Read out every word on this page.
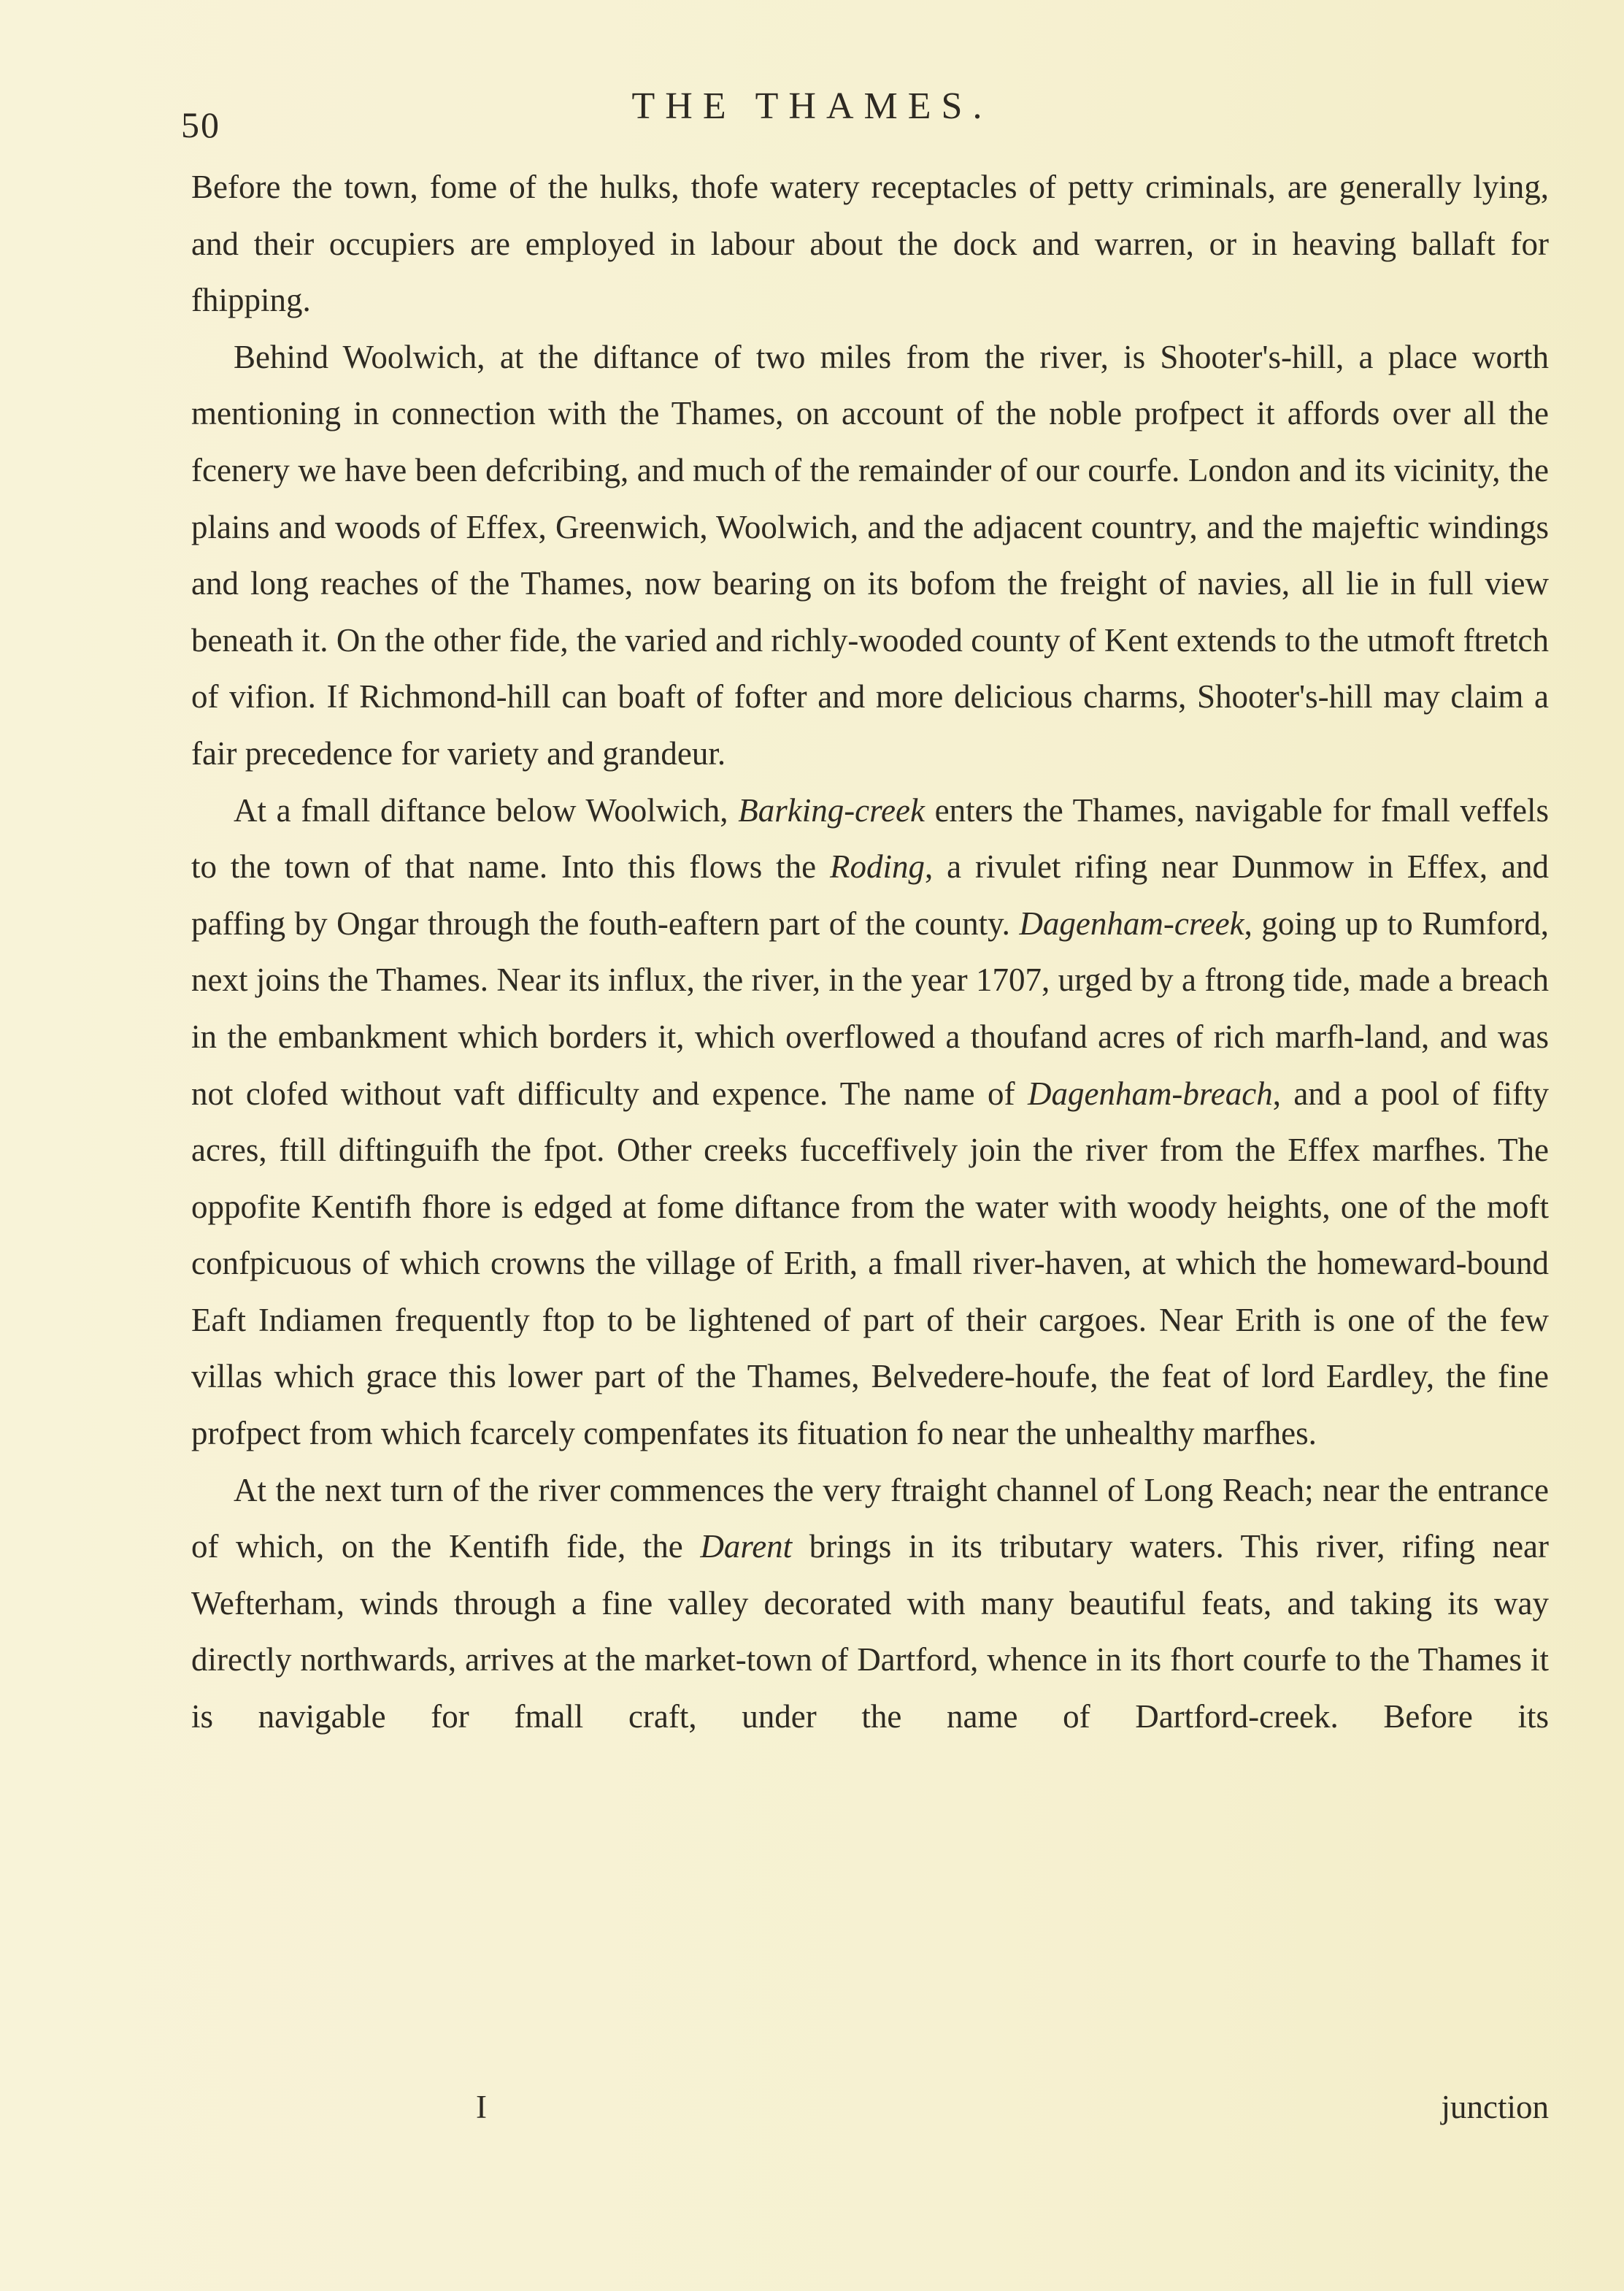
50	THE THAMES.

Before the town, fome of the hulks, thofe watery receptacles of petty criminals, are generally lying, and their occupiers are employed in labour about the dock and warren, or in heaving ballaft for fhipping.

Behind Woolwich, at the diftance of two miles from the river, is Shooter's-hill, a place worth mentioning in connection with the Thames, on account of the noble profpect it affords over all the fcenery we have been defcribing, and much of the remainder of our courfe. London and its vicinity, the plains and woods of Effex, Greenwich, Woolwich, and the adjacent country, and the majeftic windings and long reaches of the Thames, now bearing on its bofom the freight of navies, all lie in full view beneath it. On the other fide, the varied and richly-wooded county of Kent extends to the utmoft ftretch of vifion. If Richmond-hill can boaft of fofter and more delicious charms, Shooter's-hill may claim a fair precedence for variety and grandeur.

At a fmall diftance below Woolwich, Barking-creek enters the Thames, navigable for fmall veffels to the town of that name. Into this flows the Roding, a rivulet rifing near Dunmow in Effex, and paffing by Ongar through the fouth-eaftern part of the county. Dagenham-creek, going up to Rumford, next joins the Thames. Near its influx, the river, in the year 1707, urged by a ftrong tide, made a breach in the embankment which borders it, which overflowed a thoufand acres of rich marfh-land, and was not clofed without vaft difficulty and expence. The name of Dagenham-breach, and a pool of fifty acres, ftill diftinguifh the fpot. Other creeks fucceffively join the river from the Effex marfhes. The oppofite Kentifh fhore is edged at fome diftance from the water with woody heights, one of the moft confpicuous of which crowns the village of Erith, a fmall river-haven, at which the homeward-bound Eaft Indiamen frequently ftop to be lightened of part of their cargoes. Near Erith is one of the few villas which grace this lower part of the Thames, Belvedere-houfe, the feat of lord Eardley, the fine profpect from which fcarcely compenfates its fituation fo near the unhealthy marfhes.

At the next turn of the river commences the very ftraight channel of Long Reach; near the entrance of which, on the Kentifh fide, the Darent brings in its tributary waters. This river, rifing near Wefterham, winds through a fine valley decorated with many beautiful feats, and taking its way directly northwards, arrives at the market-town of Dartford, whence in its fhort courfe to the Thames it is navigable for fmall craft, under the name of Dartford-creek. Before its

I	junction
